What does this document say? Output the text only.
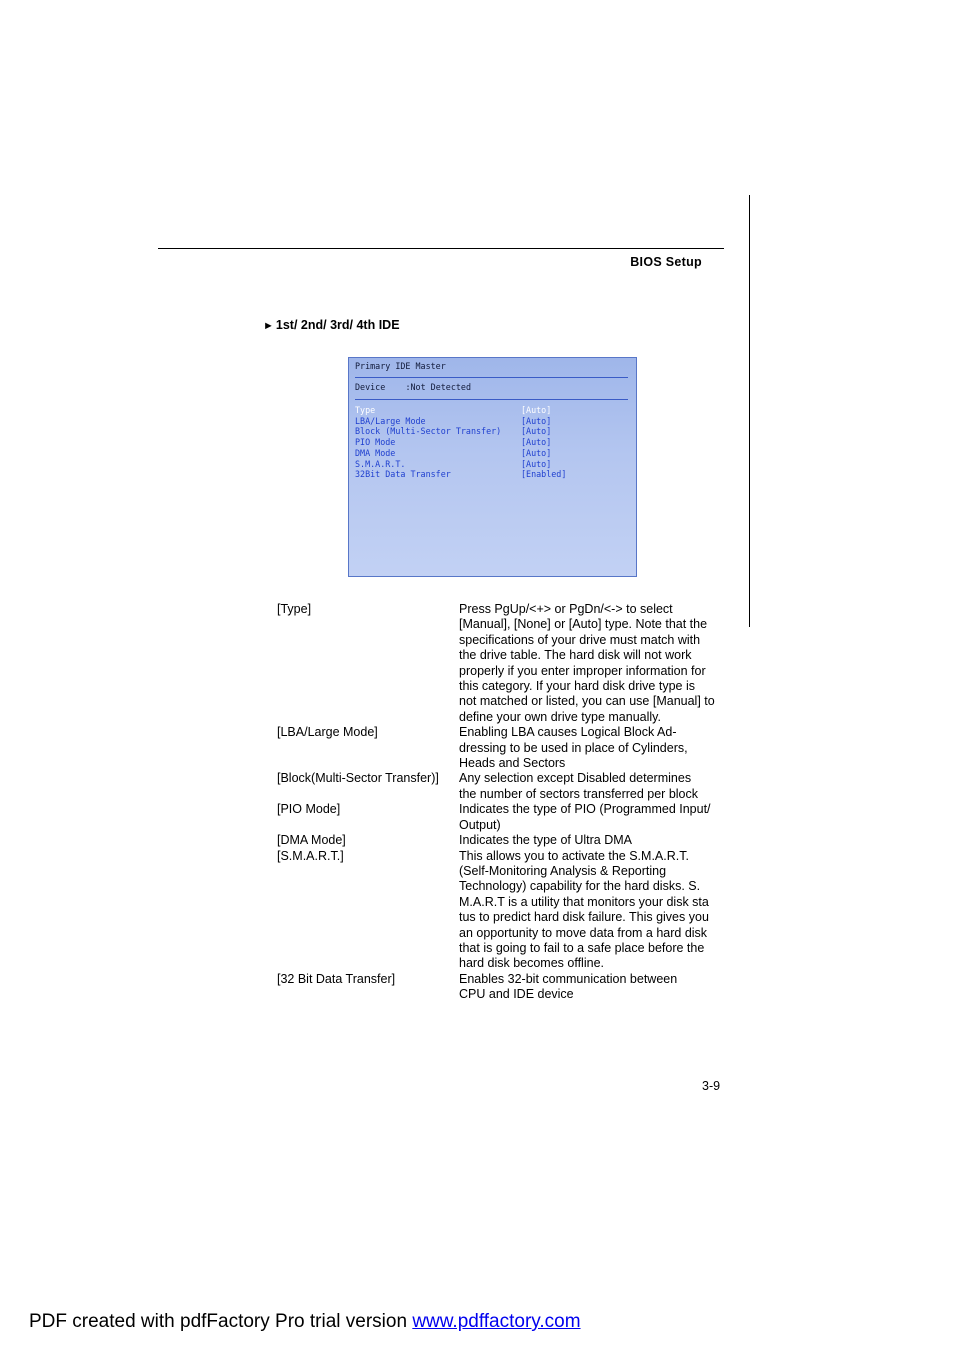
BIOS Setup
► 1st/ 2nd/ 3rd/ 4th IDE
Primary IDE Master
Device :Not Detected
Type	[Auto]
LBA/Large Mode	[Auto]
Block (Multi-Sector Transfer) [Auto]
PIO Mode	[Auto]
DMA Mode	[Auto]
S.M.A.R.T.	[Auto]
32Bit Data Transfer	[Enabled]
[Type]	Press PgUp/<+> or PgDn/<-> to select
[Manual], [None] or [Auto] type. Note that the
specifications of your drive must match with
the drive table. The hard disk will not work
properly if you enter improper information for
this category. If your hard disk drive type is
not matched or listed, you can use [Manual] to
define your own drive type manually.
[LBA/Large Mode]	Enabling LBA causes Logical Block Ad-
dressing to be used in place of Cylinders,
Heads and Sectors
[Block(Multi-Sector Transfer)]	Any selection except Disabled determines
the number of sectors transferred per block
[PIO Mode]	Indicates the type of PIO (Programmed Input/
Output)
[DMA Mode]	Indicates the type of Ultra DMA
[S.M.A.R.T.]	This allows you to activate the S.M.A.R.T.
(Self-Monitoring Analysis & Reporting
Technology) capability for the hard disks. S.
M.A.R.T is a utility that monitors your disk sta
tus to predict hard disk failure. This gives you
an opportunity to move data from a hard disk
that is going to fail to a safe place before the
hard disk becomes offline.
[32 Bit Data Transfer]	Enables 32-bit communication between
CPU and IDE device
3-9
PDF created with pdfFactory Pro trial version www.pdffactory.com
